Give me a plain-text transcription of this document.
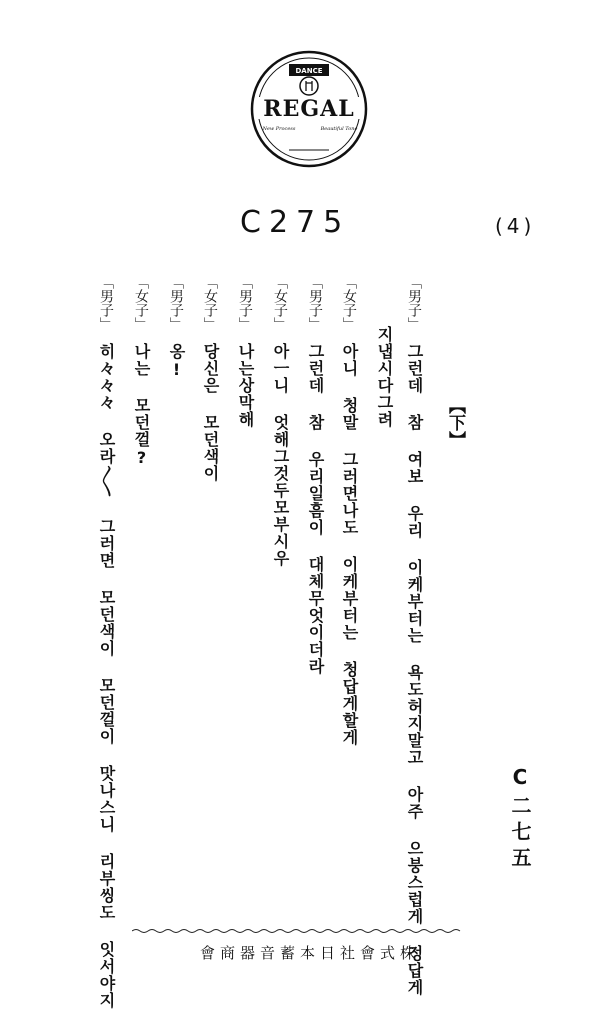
DANCE
REGAL
New Process	Beautiful Tone
C275	(4)
【下】
C二七五
「男子」그런데 참 여보 우리 이케부터는 욕도허지말고 아주 으붕스럽게 정답게
지냅시다그려
「女子」아니 청말 그러면나도 이케부터는 청답게할게
「男子」그런데 참 우리일흠이 대체무엇이더라
「女子」아ㅡ니 엇해그것두모부시우
「男子」나는상막해
「女子」당신은 모던색이
「男子」옹!
「女子」나는 모던껄?
「男子」히々々々 오라〳〵 그러면 모던색이 모던껄이 맛나스니 리부씽도 잇서야지	會商器音蓄本日社會式株
